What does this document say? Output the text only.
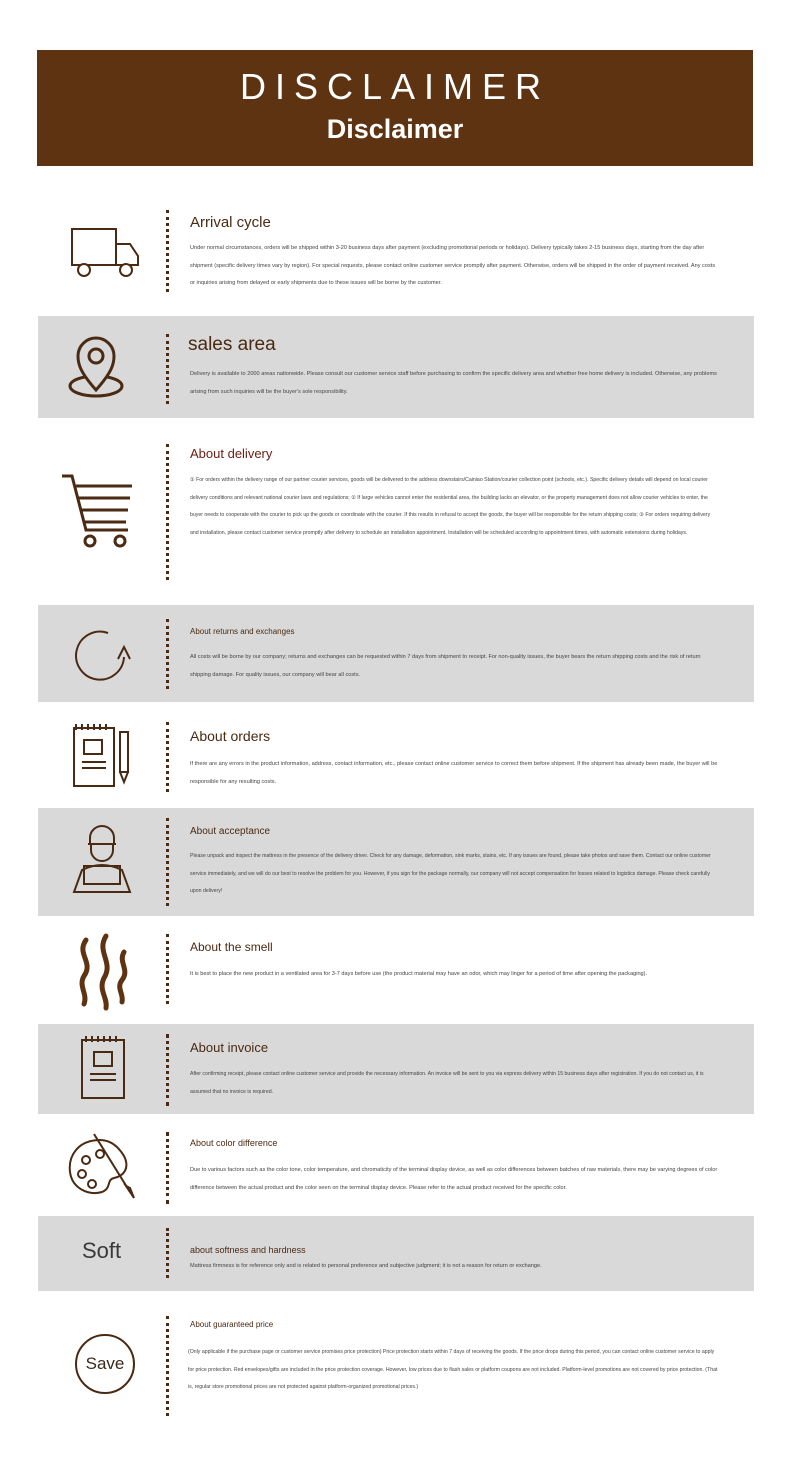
DISCLAIMER
Disclaimer
Arrival cycle
Under normal circumstances, orders will be shipped within 3-20 business days after payment (excluding promotional periods or holidays). Delivery typically takes 2-15 business days, starting from the day after shipment (specific delivery times vary by region). For special requests, please contact online customer service promptly after payment. Otherwise, orders will be shipped in the order of payment received. Any costs or inquiries arising from delayed or early shipments due to these issues will be borne by the customer.
sales area
Delivery is available to 2000 areas nationwide. Please consult our customer service staff before purchasing to confirm the specific delivery area and whether free home delivery is included. Otherwise, any problems arising from such inquiries will be the buyer's sole responsibility.
About delivery
① For orders within the delivery range of our partner courier services, goods will be delivered to the address downstairs/Cainiao Station/courier collection point (schools, etc.). Specific delivery details will depend on local courier delivery conditions and relevant national courier laws and regulations; ② If large vehicles cannot enter the residential area, the building lacks an elevator, or the property management does not allow courier vehicles to enter, the buyer needs to cooperate with the courier to pick up the goods or coordinate with the courier. If this results in refusal to accept the goods, the buyer will be responsible for the return shipping costs; ③ For orders requiring delivery and installation, please contact customer service promptly after delivery to schedule an installation appointment. Installation will be scheduled according to appointment times, with automatic extensions during holidays.
About returns and exchanges
All costs will be borne by our company; returns and exchanges can be requested within 7 days from shipment to receipt. For non-quality issues, the buyer bears the return shipping costs and the risk of return shipping damage. For quality issues, our company will bear all costs.
About orders
If there are any errors in the product information, address, contact information, etc., please contact online customer service to correct them before shipment. If the shipment has already been made, the buyer will be responsible for any resulting costs.
About acceptance
Please unpack and inspect the mattress in the presence of the delivery driver. Check for any damage, deformation, sink marks, stains, etc. If any issues are found, please take photos and save them. Contact our online customer service immediately, and we will do our best to resolve the problem for you. However, if you sign for the package normally, our company will not accept compensation for losses related to logistics damage. Please check carefully upon delivery!
About the smell
It is best to place the new product in a ventilated area for 3-7 days before use (the product material may have an odor, which may linger for a period of time after opening the packaging).
About invoice
After confirming receipt, please contact online customer service and provide the necessary information. An invoice will be sent to you via express delivery within 15 business days after registration. If you do not contact us, it is assumed that no invoice is required.
About color difference
Due to various factors such as the color tone, color temperature, and chromaticity of the terminal display device, as well as color differences between batches of raw materials, there may be varying degrees of color difference between the actual product and the color seen on the terminal display device. Please refer to the actual product received for the specific color.
Soft	about softness and hardness
Mattress firmness is for reference only and is related to personal preference and subjective judgment; it is not a reason for return or exchange.
Save
About guaranteed price
(Only applicable if the purchase page or customer service promises price protection) Price protection starts within 7 days of receiving the goods. If the price drops during this period, you can contact online customer service to apply for price protection. Red envelopes/gifts are included in the price protection coverage. However, low prices due to flash sales or platform coupons are not included. Platform-level promotions are not covered by price protection. (That is, regular store promotional prices are not protected against platform-organized promotional prices.)
